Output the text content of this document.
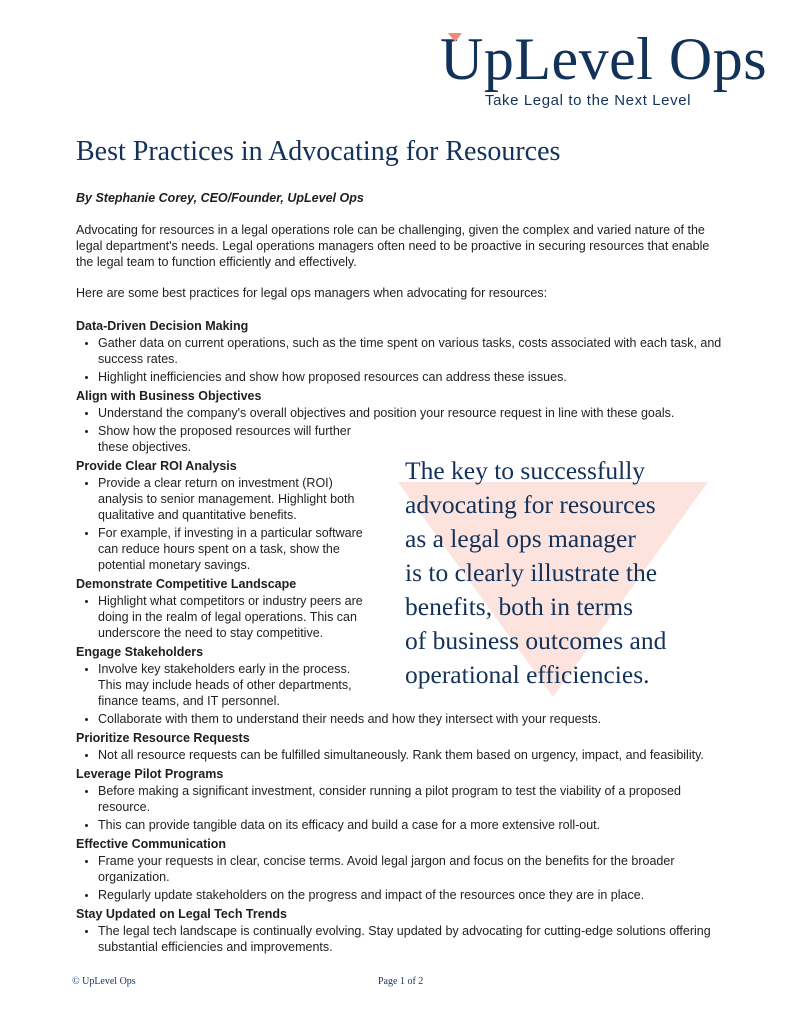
UpLevel Ops
Take Legal to the Next Level
Best Practices in Advocating for Resources
By Stephanie Corey, CEO/Founder, UpLevel Ops

Advocating for resources in a legal operations role can be challenging, given the complex and varied nature of the legal department's needs. Legal operations managers often need to be proactive in securing resources that enable the legal team to function efficiently and effectively.

Here are some best practices for legal ops managers when advocating for resources:

Data-Driven Decision Making
• Gather data on current operations, such as the time spent on various tasks, costs associated with each task, and success rates.
• Highlight inefficiencies and show how proposed resources can address these issues.
Align with Business Objectives
• Understand the company's overall objectives and position your resource request in line with these goals.
• Show how the proposed resources will further these objectives.
Provide Clear ROI Analysis
• Provide a clear return on investment (ROI) analysis to senior management. Highlight both qualitative and quantitative benefits.
• For example, if investing in a particular software can reduce hours spent on a task, show the potential monetary savings.
Demonstrate Competitive Landscape
• Highlight what competitors or industry peers are doing in the realm of legal operations. This can underscore the need to stay competitive.
Engage Stakeholders
• Involve key stakeholders early in the process. This may include heads of other departments, finance teams, and IT personnel.
• Collaborate with them to understand their needs and how they intersect with your requests.
Prioritize Resource Requests
• Not all resource requests can be fulfilled simultaneously. Rank them based on urgency, impact, and feasibility.
Leverage Pilot Programs
• Before making a significant investment, consider running a pilot program to test the viability of a proposed resource.
• This can provide tangible data on its efficacy and build a case for a more extensive roll-out.
Effective Communication
• Frame your requests in clear, concise terms. Avoid legal jargon and focus on the benefits for the broader organization.
• Regularly update stakeholders on the progress and impact of the resources once they are in place.
Stay Updated on Legal Tech Trends
• The legal tech landscape is continually evolving. Stay updated by advocating for cutting-edge solutions offering substantial efficiencies and improvements.
The key to successfully
advocating for resources
as a legal ops manager
is to clearly illustrate the
benefits, both in terms
of business outcomes and
operational efficiencies.
© UpLevel Ops	Page 1 of 2
